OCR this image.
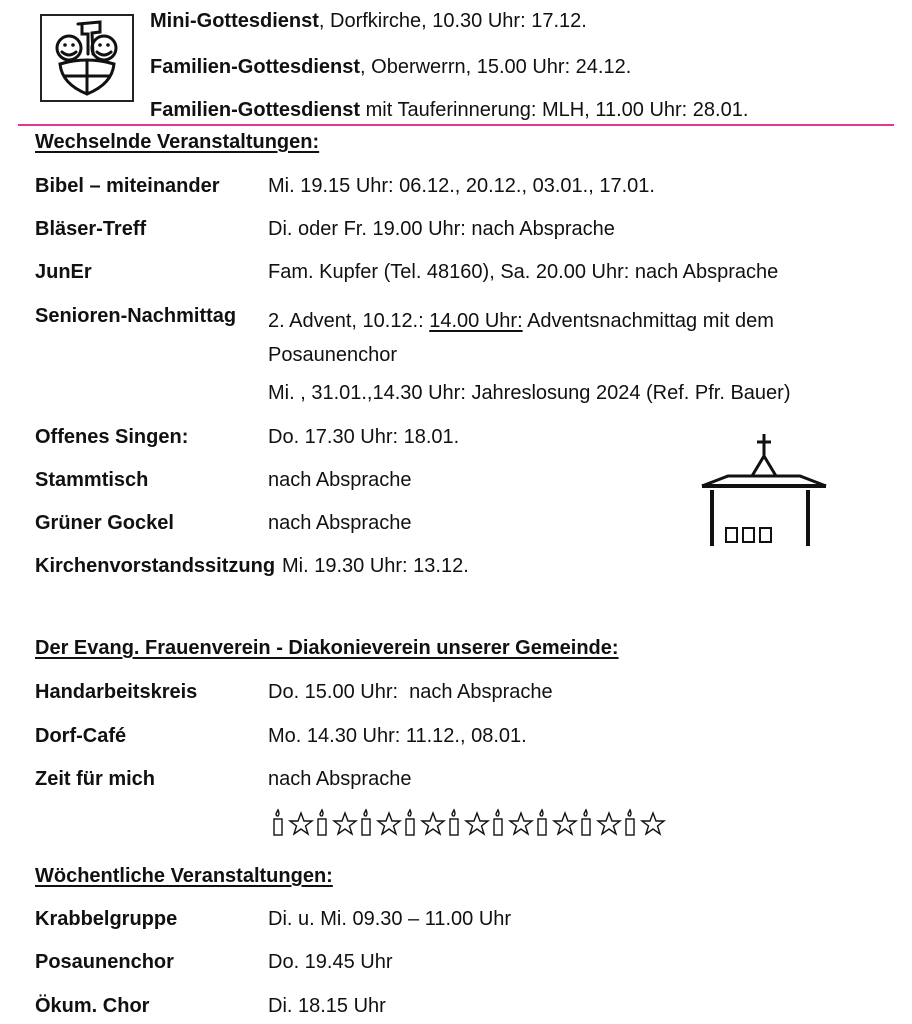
Mini-Gottesdienst, Dorfkirche, 10.30 Uhr: 17.12.
Familien-Gottesdienst, Oberwerrn, 15.00 Uhr: 24.12.
Familien-Gottesdienst mit Tauferinnerung: MLH, 11.00 Uhr: 28.01.
Wechselnde Veranstaltungen:
Bibel – miteinander Mi. 19.15 Uhr: 06.12., 20.12., 03.01., 17.01.
Bläser-Treff	Di. oder Fr. 19.00 Uhr: nach Absprache
JunEr	Fam. Kupfer (Tel. 48160), Sa. 20.00 Uhr: nach Absprache
Senioren-Nachmittag 2. Advent, 10.12.: 14.00 Uhr: Adventsnachmittag mit dem Posaunenchor
Mi. , 31.01.,14.30 Uhr: Jahreslosung 2024 (Ref. Pfr. Bauer)
Offenes Singen:	Do. 17.30 Uhr: 18.01.
Stammtisch	nach Absprache
Grüner Gockel	nach Absprache
Kirchenvorstandssitzung Mi. 19.30 Uhr: 13.12.
Der Evang. Frauenverein - Diakonieverein unserer Gemeinde:
Handarbeitskreis	Do. 15.00 Uhr:  nach Absprache
Dorf-Café	Mo. 14.30 Uhr: 11.12., 08.01.
Zeit für mich	nach Absprache
Wöchentliche Veranstaltungen:
Krabbelgruppe	Di. u. Mi. 09.30 – 11.00 Uhr
Posaunenchor	Do. 19.45 Uhr
Ökum. Chor	Di. 18.15 Uhr
